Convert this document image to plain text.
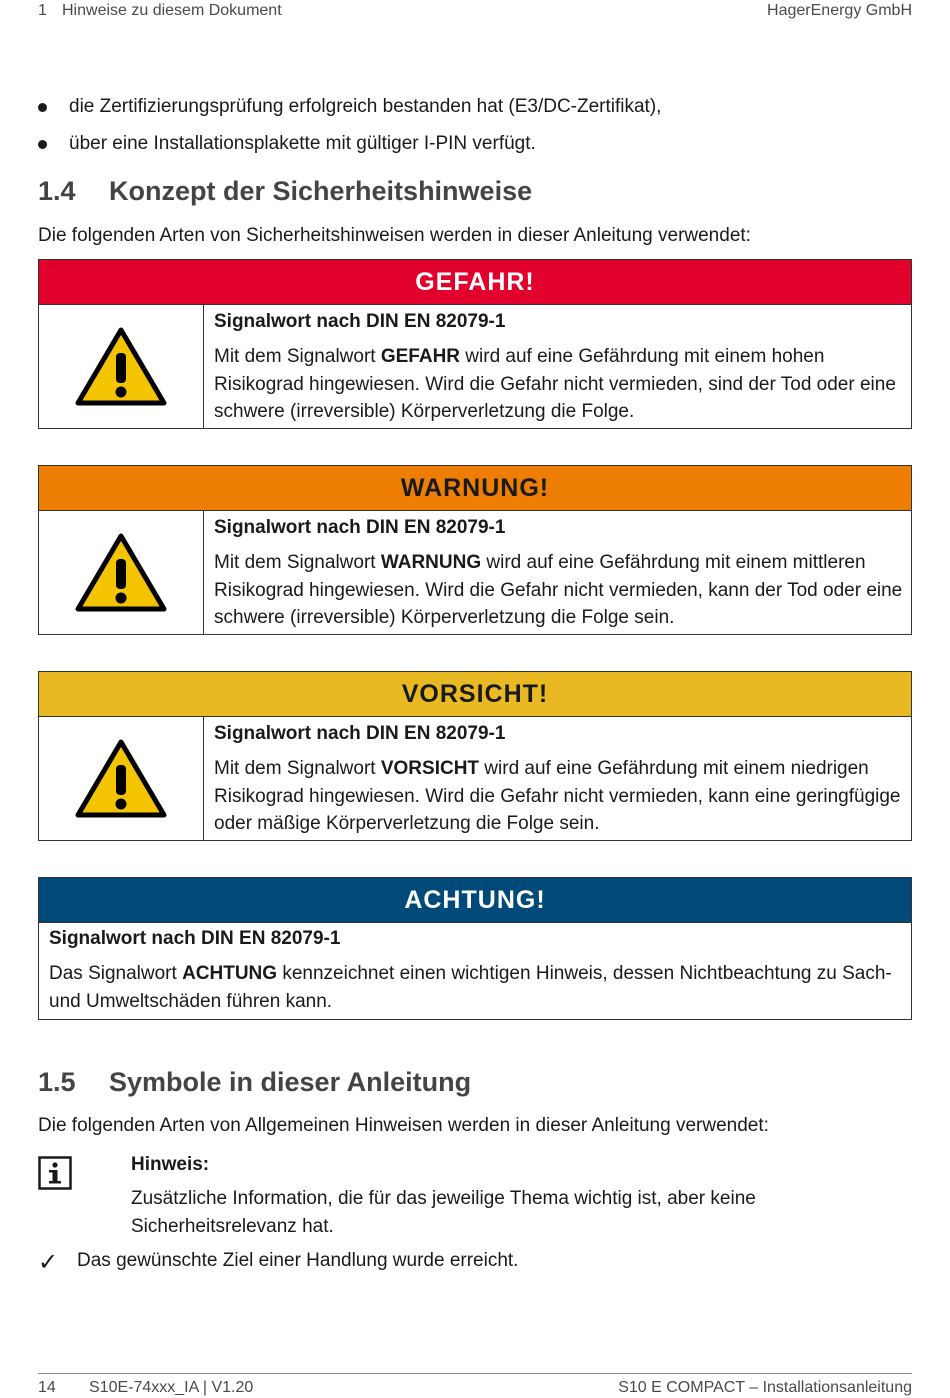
1 Hinweise zu diesem Dokument	HagerEnergy GmbH
die Zertifizierungsprüfung erfolgreich bestanden hat (E3/DC-Zertifikat),
über eine Installationsplakette mit gültiger I-PIN verfügt.
1.4 Konzept der Sicherheitshinweise
Die folgenden Arten von Sicherheitshinweisen werden in dieser Anleitung verwendet:
GEFAHR!
Signalwort nach DIN EN 82079-1
Mit dem Signalwort GEFAHR wird auf eine Gefährdung mit einem hohen Risikograd hingewiesen. Wird die Gefahr nicht vermieden, sind der Tod oder eine schwere (irreversible) Körperverletzung die Folge.
WARNUNG!
Signalwort nach DIN EN 82079-1
Mit dem Signalwort WARNUNG wird auf eine Gefährdung mit einem mittleren Risikograd hingewiesen. Wird die Gefahr nicht vermieden, kann der Tod oder eine schwere (irreversible) Körperverletzung die Folge sein.
VORSICHT!
Signalwort nach DIN EN 82079-1
Mit dem Signalwort VORSICHT wird auf eine Gefährdung mit einem niedrigen Risikograd hingewiesen. Wird die Gefahr nicht vermieden, kann eine geringfügige oder mäßige Körperverletzung die Folge sein.
ACHTUNG!
Signalwort nach DIN EN 82079-1
Das Signalwort ACHTUNG kennzeichnet einen wichtigen Hinweis, dessen Nichtbeachtung zu Sach- und Umweltschäden führen kann.
1.5 Symbole in dieser Anleitung
Die folgenden Arten von Allgemeinen Hinweisen werden in dieser Anleitung verwendet:
Hinweis:
Zusätzliche Information, die für das jeweilige Thema wichtig ist, aber keine Sicherheitsrelevanz hat.
✓ Das gewünschte Ziel einer Handlung wurde erreicht.
14 S10E-74xxx_IA | V1.20	S10 E COMPACT – Installationsanleitung
